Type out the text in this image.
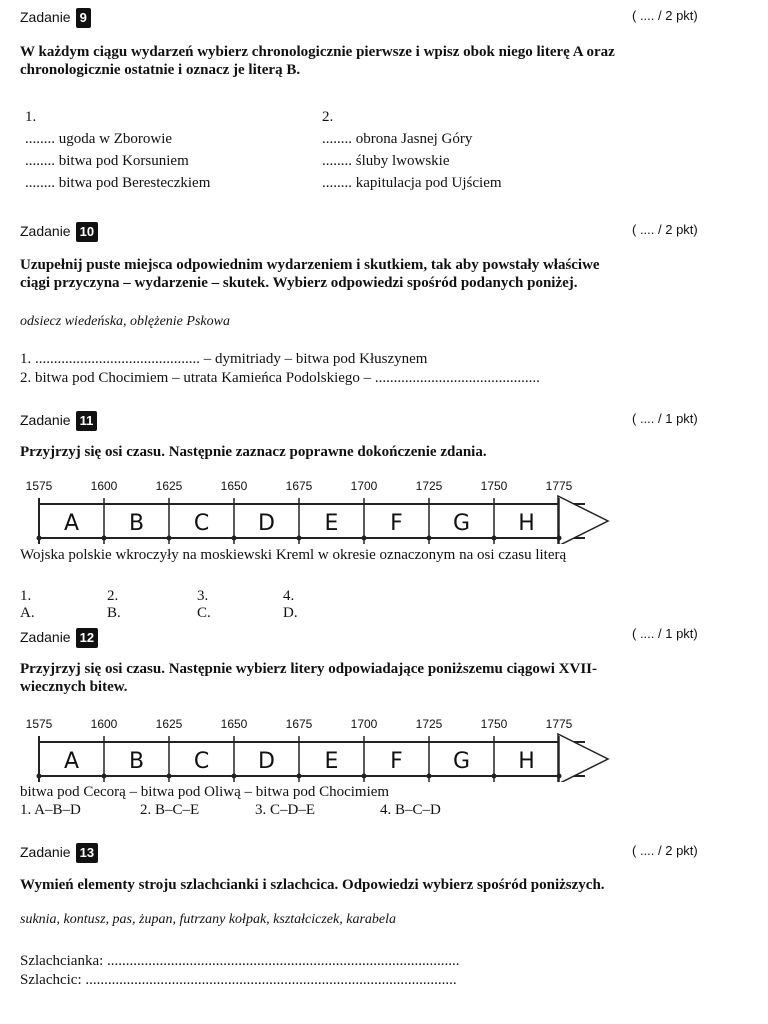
Zadanie 9	( .... / 2 pkt)
W każdym ciągu wydarzeń wybierz chronologicznie pierwsze i wpisz obok niego literę A oraz chronologicznie ostatnie i oznacz je literą B.
1.
........ ugoda w Zborowie
........ bitwa pod Korsuniem
........ bitwa pod Beresteczkiem
2.
........ obrona Jasnej Góry
........ śluby lwowskie
........ kapitulacja pod Ujściem
Zadanie 10	( .... / 2 pkt)
Uzupełnij puste miejsca odpowiednim wydarzeniem i skutkiem, tak aby powstały właściwe ciągi przyczyna – wydarzenie – skutek. Wybierz odpowiedzi spośród podanych poniżej.
odsiecz wiedeńska, oblężenie Pskowa
1. ............................................ – dymitriady – bitwa pod Kłuszynem
2. bitwa pod Chocimiem – utrata Kamieńca Podolskiego – ............................................
Zadanie 11	( .... / 1 pkt)
Przyjrzyj się osi czasu. Następnie zaznacz poprawne dokończenie zdania.
1575	1600	1625	1650	1675	1700	1725	1750	1775
A B C D E F G H
Wojska polskie wkroczyły na moskiewski Kreml w okresie oznaczonym na osi czasu literą
1. A.
2. B.
3. C.
4. D.
Zadanie 12	( .... / 1 pkt)
Przyjrzyj się osi czasu. Następnie wybierz litery odpowiadające poniższemu ciągowi XVII-wiecznych bitew.
1575	1600	1625	1650	1675	1700	1725	1750	1775
A B C D E F G H
bitwa pod Cecorą – bitwa pod Oliwą – bitwa pod Chocimiem
1. A–B–D	2. B–C–E	3. C–D–E	4. B–C–D
Zadanie 13	( .... / 2 pkt)
Wymień elementy stroju szlachcianki i szlachcica. Odpowiedzi wybierz spośród poniższych.
suknia, kontusz, pas, żupan, futrzany kołpak, kształciczek, karabela
Szlachcianka: ..............................................................................................
Szlachcic: ...................................................................................................
